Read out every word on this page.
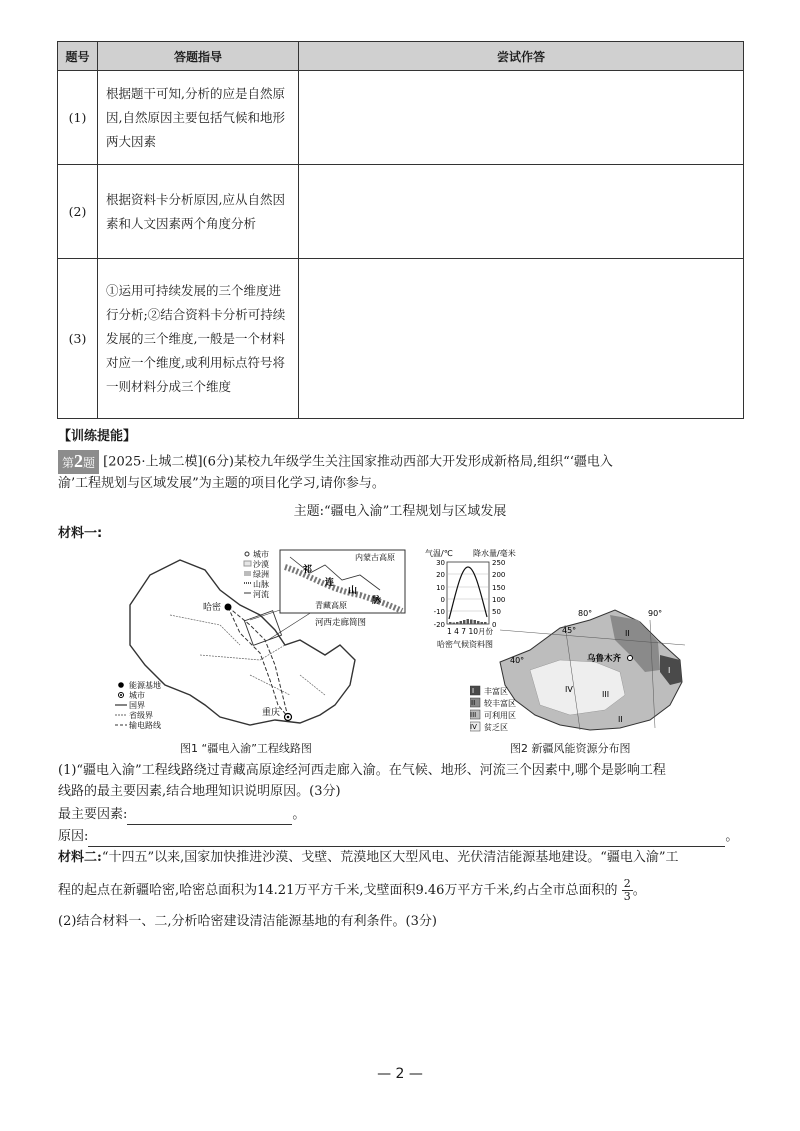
题号	答题指导	尝试作答
(1)	根据题干可知,分析的应是自然原因,自然原因主要包括气候和地形两大因素	
(2)	根据资料卡分析原因,应从自然因素和人文因素两个角度分析	
(3)	①运用可持续发展的三个维度进行分析;②结合资料卡分析可持续发展的三个维度,一般是一个材料对应一个维度,或利用标点符号将一则材料分成三个维度	
【训练提能】
第2题 [2025·上城二模](6分)某校九年级学生关注国家推动西部大开发形成新格局,组织“‘疆电入
渝’工程规划与区域发展”为主题的项目化学习,请你参与。
主题:“疆电入渝”工程规划与区域发展
材料一:
哈密
重庆
内蒙古高原
青藏高原
祁
连
山
脉
河西走廊简图
城市
沙漠
绿洲
山脉
河流
能源基地
城市
国界
省级界
输电路线
图1 “疆电入渝”工程线路图
气温/℃	降水量/毫米
30
20
10
0
-10
-20
250
200
150
100
50
0
1 4 7 10月份
哈密气候资料图
I
II
III
IV
II
乌鲁木齐
80°	90°
45°
40°
I 丰富区
II 较丰富区
III 可利用区
IV 贫乏区
图2 新疆风能资源分布图
(1)“疆电入渝”工程线路绕过青藏高原途经河西走廊入渝。在气候、地形、河流三个因素中,哪个是影响工程
线路的最主要因素,结合地理知识说明原因。(3分)
最主要因素:	。
原因:	。
材料二:“十四五”以来,国家加快推进沙漠、戈壁、荒漠地区大型风电、光伏清洁能源基地建设。“疆电入渝”工
程的起点在新疆哈密,哈密总面积为14.21万平方千米,戈壁面积9.46万平方千米,约占全市总面积的 $\frac{2}{3}$ 。
(2)结合材料一、二,分析哈密建设清洁能源基地的有利条件。(3分)
— 2 —
